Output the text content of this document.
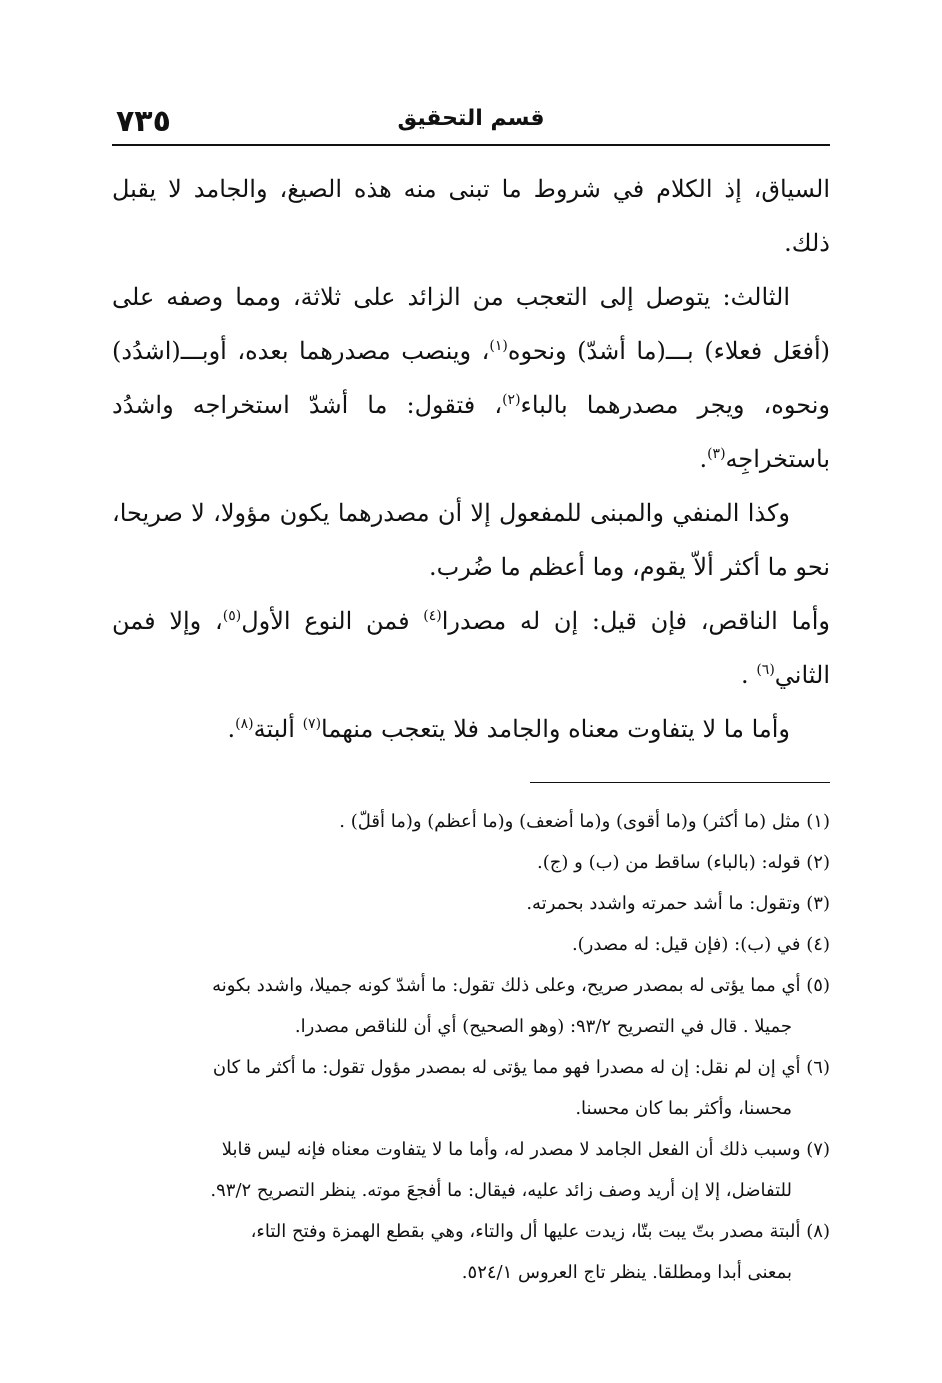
قسم التحقيق
٧٣٥

السياق، إذ الكلام في شروط ما تبنى منه هذه الصيغ، والجامد لا يقبل ذلك.

الثالث: يتوصل إلى التعجب من الزائد على ثلاثة، ومما وصفه على (أفعَل فعلاء) بـــ(ما أشدّ) ونحوه$^{(١)}$، وينصب مصدرهما بعده، أوبـــ(اشدُد) ونحوه، ويجر مصدرهما بالباء$^{(٢)}$، فتقول: ما أشدّ استخراجه واشدُد باستخراجِه$^{(٣)}$.

وكذا المنفي والمبنى للمفعول إلا أن مصدرهما يكون مؤولا، لا صريحا، نحو ما أكثر ألاّ يقوم، وما أعظم ما ضُرب.

وأما الناقص، فإن قيل: إن له مصدرا$^{(٤)}$ فمن النوع الأول$^{(٥)}$، وإلا فمن الثاني$^{(٦)}$ .

وأما ما لا يتفاوت معناه والجامد فلا يتعجب منهما$^{(٧)}$ ألبتة$^{(٨)}$.

(١) مثل (ما أكثر) و(ما أقوى) و(ما أضعف) و(ما أعظم) و(ما أقلّ) .

(٢) قوله: (بالباء) ساقط من (ب) و (ج).

(٣) وتقول: ما أشد حمرته واشدد بحمرته.

(٤) في (ب): (فإن قيل: له مصدر).

(٥) أي مما يؤتى له بمصدر صريح، وعلى ذلك تقول: ما أشدّ كونه جميلا، واشدد بكونه
جميلا . قال في التصريح ٩٣/٢: (وهو الصحيح) أي أن للناقص مصدرا.

(٦) أي إن لم نقل: إن له مصدرا فهو مما يؤتى له بمصدر مؤول تقول: ما أكثر ما كان
محسنا، وأكثر بما كان محسنا.

(٧) وسبب ذلك أن الفعل الجامد لا مصدر له، وأما ما لا يتفاوت معناه فإنه ليس قابلا
للتفاضل، إلا إن أريد وصف زائد عليه، فيقال: ما أفجعَ موته. ينظر التصريح ٩٣/٢.

(٨) ألبتة مصدر بتّ يبت بتّا، زيدت عليها أل والتاء، وهي بقطع الهمزة وفتح التاء،
بمعنى أبدا ومطلقا. ينظر تاج العروس ٥٢٤/١.
